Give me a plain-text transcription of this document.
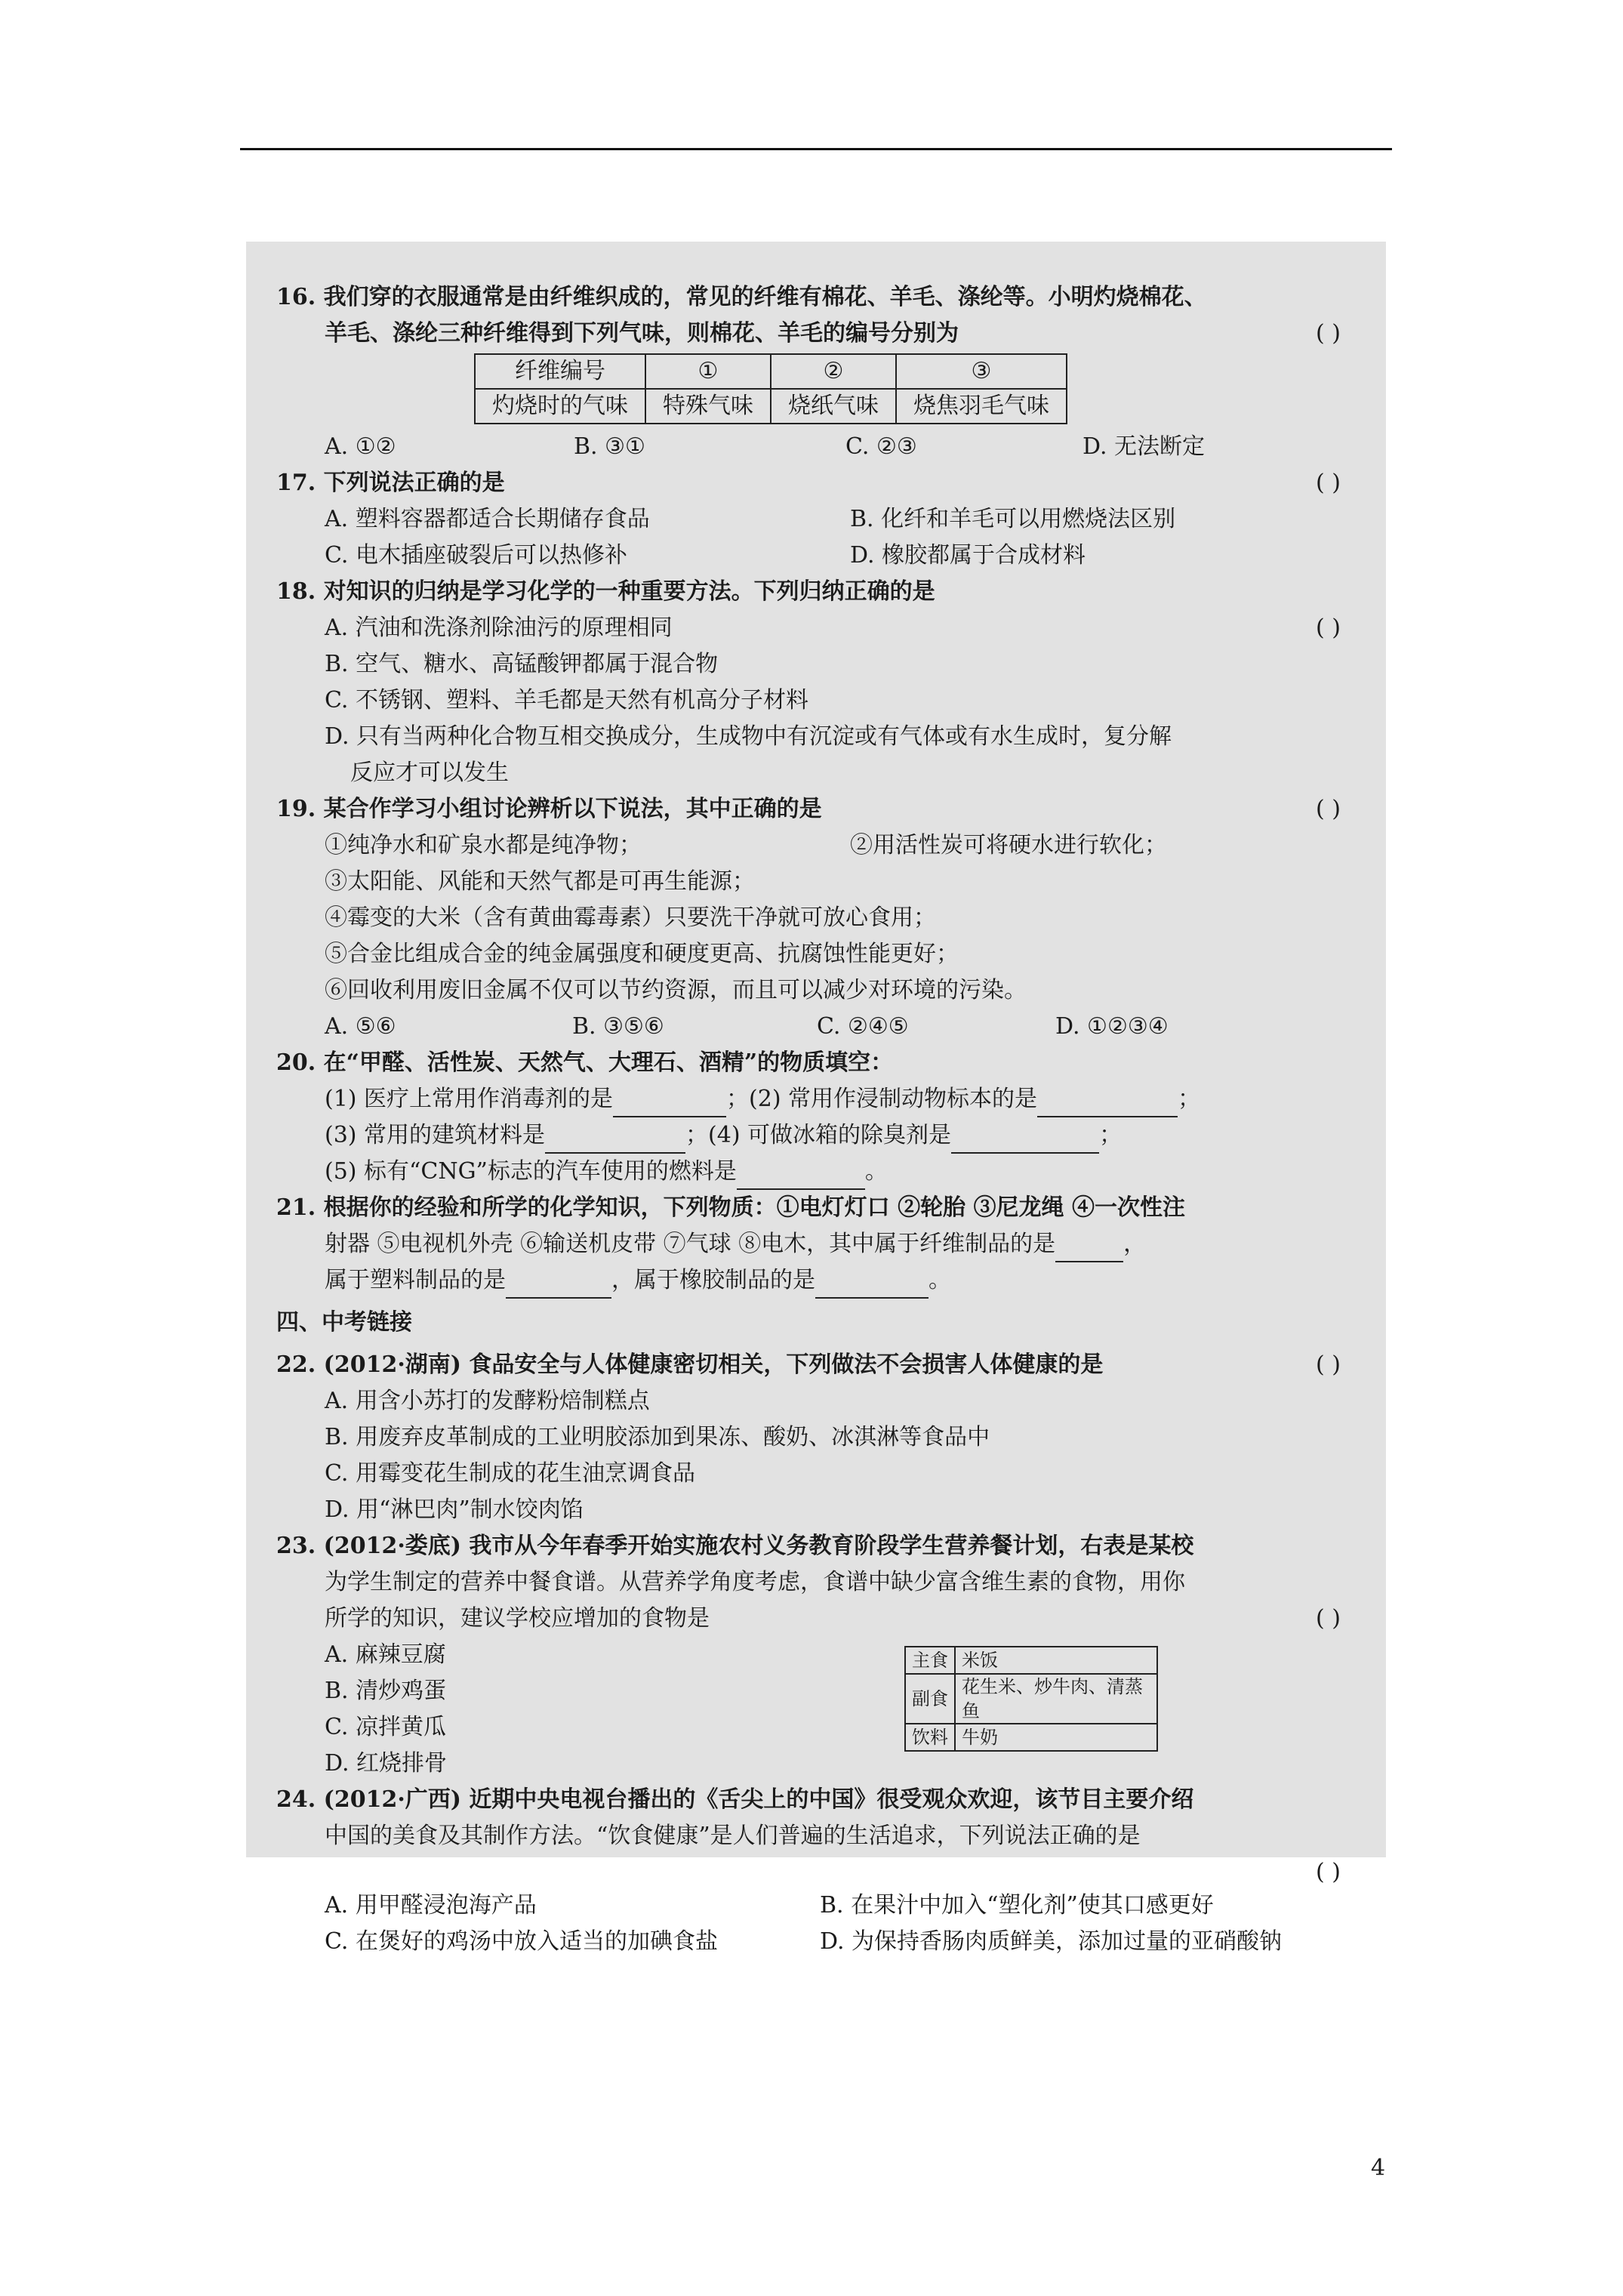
16. 我们穿的衣服通常是由纤维织成的，常见的纤维有棉花、羊毛、涤纶等。小明灼烧棉花、
羊毛、涤纶三种纤维得到下列气味，则棉花、羊毛的编号分别为	( )
纤维编号	①	②	③
灼烧时的气味	特殊气味	烧纸气味	烧焦羽毛气味
A. ①②	B. ③①	C. ②③	D. 无法断定
17. 下列说法正确的是	( )
A. 塑料容器都适合长期储存食品	B. 化纤和羊毛可以用燃烧法区别
C. 电木插座破裂后可以热修补	D. 橡胶都属于合成材料
18. 对知识的归纳是学习化学的一种重要方法。下列归纳正确的是
A. 汽油和洗涤剂除油污的原理相同	( )
B. 空气、糖水、高锰酸钾都属于混合物
C. 不锈钢、塑料、羊毛都是天然有机高分子材料
D. 只有当两种化合物互相交换成分，生成物中有沉淀或有气体或有水生成时，复分解
反应才可以发生
19. 某合作学习小组讨论辨析以下说法，其中正确的是	( )
①纯净水和矿泉水都是纯净物；	②用活性炭可将硬水进行软化；
③太阳能、风能和天然气都是可再生能源；
④霉变的大米（含有黄曲霉毒素）只要洗干净就可放心食用；
⑤合金比组成合金的纯金属强度和硬度更高、抗腐蚀性能更好；
⑥回收利用废旧金属不仅可以节约资源，而且可以减少对环境的污染。
A. ⑤⑥	B. ③⑤⑥	C. ②④⑤	D. ①②③④
20. 在“甲醛、活性炭、天然气、大理石、酒精”的物质填空：
(1) 医疗上常用作消毒剂的是	；(2) 常用作浸制动物标本的是	；
(3) 常用的建筑材料是	；(4) 可做冰箱的除臭剂是	；
(5) 标有“CNG”标志的汽车使用的燃料是	。
21. 根据你的经验和所学的化学知识，下列物质：①电灯灯口 ②轮胎 ③尼龙绳 ④一次性注
射器 ⑤电视机外壳 ⑥输送机皮带 ⑦气球 ⑧电木，其中属于纤维制品的是	，
属于塑料制品的是	，属于橡胶制品的是	。
四、中考链接
22. (2012·湖南) 食品安全与人体健康密切相关，下列做法不会损害人体健康的是	( )
A. 用含小苏打的发酵粉焙制糕点
B. 用废弃皮革制成的工业明胶添加到果冻、酸奶、冰淇淋等食品中
C. 用霉变花生制成的花生油烹调食品
D. 用“淋巴肉”制水饺肉馅
23. (2012·娄底) 我市从今年春季开始实施农村义务教育阶段学生营养餐计划，右表是某校
为学生制定的营养中餐食谱。从营养学角度考虑，食谱中缺少富含维生素的食物，用你
所学的知识，建议学校应增加的食物是	( )
A. 麻辣豆腐
B. 清炒鸡蛋
C. 凉拌黄瓜
D. 红烧排骨
主食	米饭
副食	花生米、炒牛肉、清蒸鱼
饮料	牛奶
24. (2012·广西) 近期中央电视台播出的《舌尖上的中国》很受观众欢迎，该节目主要介绍
中国的美食及其制作方法。“饮食健康”是人们普遍的生活追求，下列说法正确的是
( )
A. 用甲醛浸泡海产品	B. 在果汁中加入“塑化剂”使其口感更好
C. 在煲好的鸡汤中放入适当的加碘食盐	D. 为保持香肠肉质鲜美，添加过量的亚硝酸钠
4
